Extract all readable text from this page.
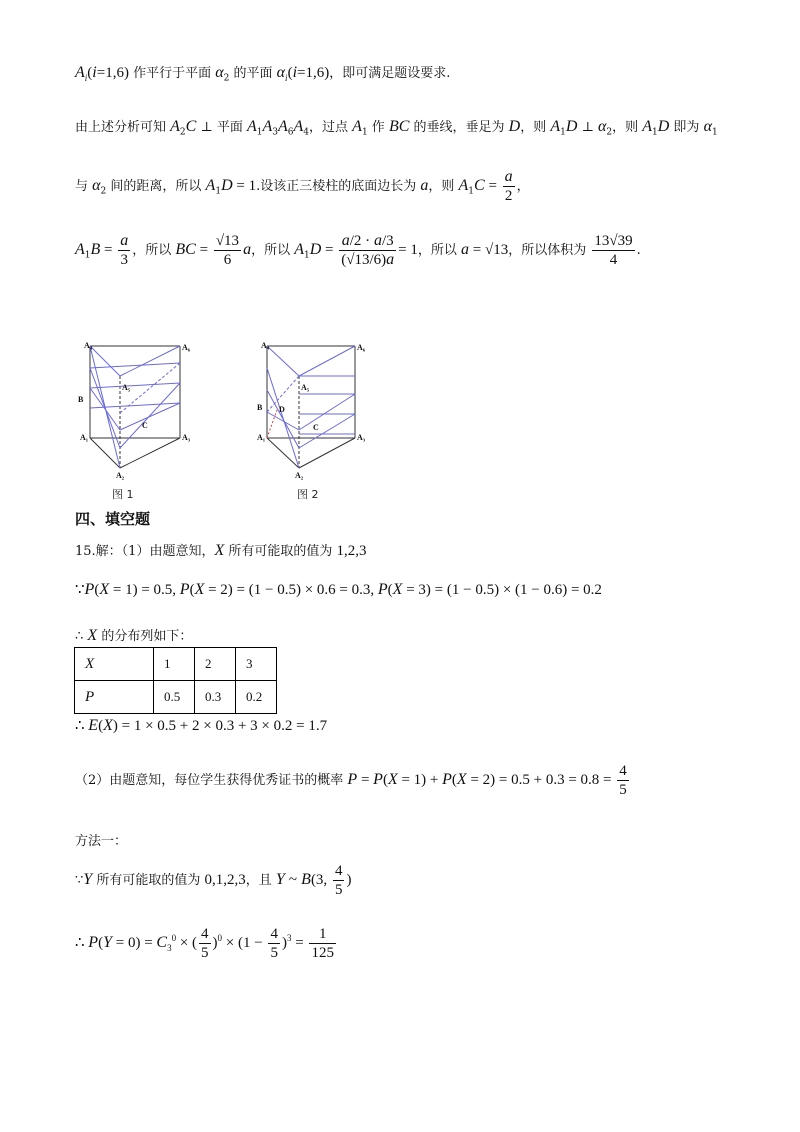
$A_i(i=1,6)$ 作平行于平面 $\alpha_2$ 的平面 $\alpha_i(i=1,6)$，即可满足题设要求.
由上述分析可知 $A_2C$ ⊥ 平面 $A_1A_3A_6A_4$，过点 $A_1$ 作 BC 的垂线，垂足为 D，则 $A_1D$ ⊥ $\alpha_2$，则 $A_1D$ 即为 $\alpha_1$
与 $\alpha_2$ 间的距离，所以 $A_1D = 1$.设该正三棱柱的底面边长为 a，则 $A_1C = \frac{a}{2}$ ，
$A_1B = \frac{a}{3}$ ，所以 BC = $\frac{√13}{6}$ a，所以 $A_1D = \frac{a/2 \cdot a/3}{(√13/6)a} = 1$，所以 a = √13，所以体积为 $\frac{13√39}{4}$ .
A₄	A₆
A₅
B
A₁
C
A₃
A₂
图 1
A₄	A₆
A₅
B D
A₁
C
A₃
A₂
图 2
四、填空题
15.解：（1）由题意知，X 所有可能取的值为 1,2,3
∵P(X = 1) = 0.5, P(X = 2) = (1 − 0.5) × 0.6 = 0.3, P(X = 3) = (1 − 0.5) × (1 − 0.6) = 0.2
∴ X 的分布列如下：
X	1	2	3
P	0.5	0.3	0.2
∴ E(X) = 1 × 0.5 + 2 × 0.3 + 3 × 0.2 = 1.7
（2）由题意知，每位学生获得优秀证书的概率 $P = P(X = 1) + P(X = 2) = 0.5 + 0.3 = 0.8 = \frac{4}{5}$
方法一：
∵Y 所有可能取的值为 0,1,2,3，且 Y ~ B(3, $\frac{4}{5}$ )
∴ $P(Y = 0) = C_3^0$ × ( $\frac{4}{5} )^0 \times (1 - \frac{4}{5} )^3 = \frac{1}{125}$
